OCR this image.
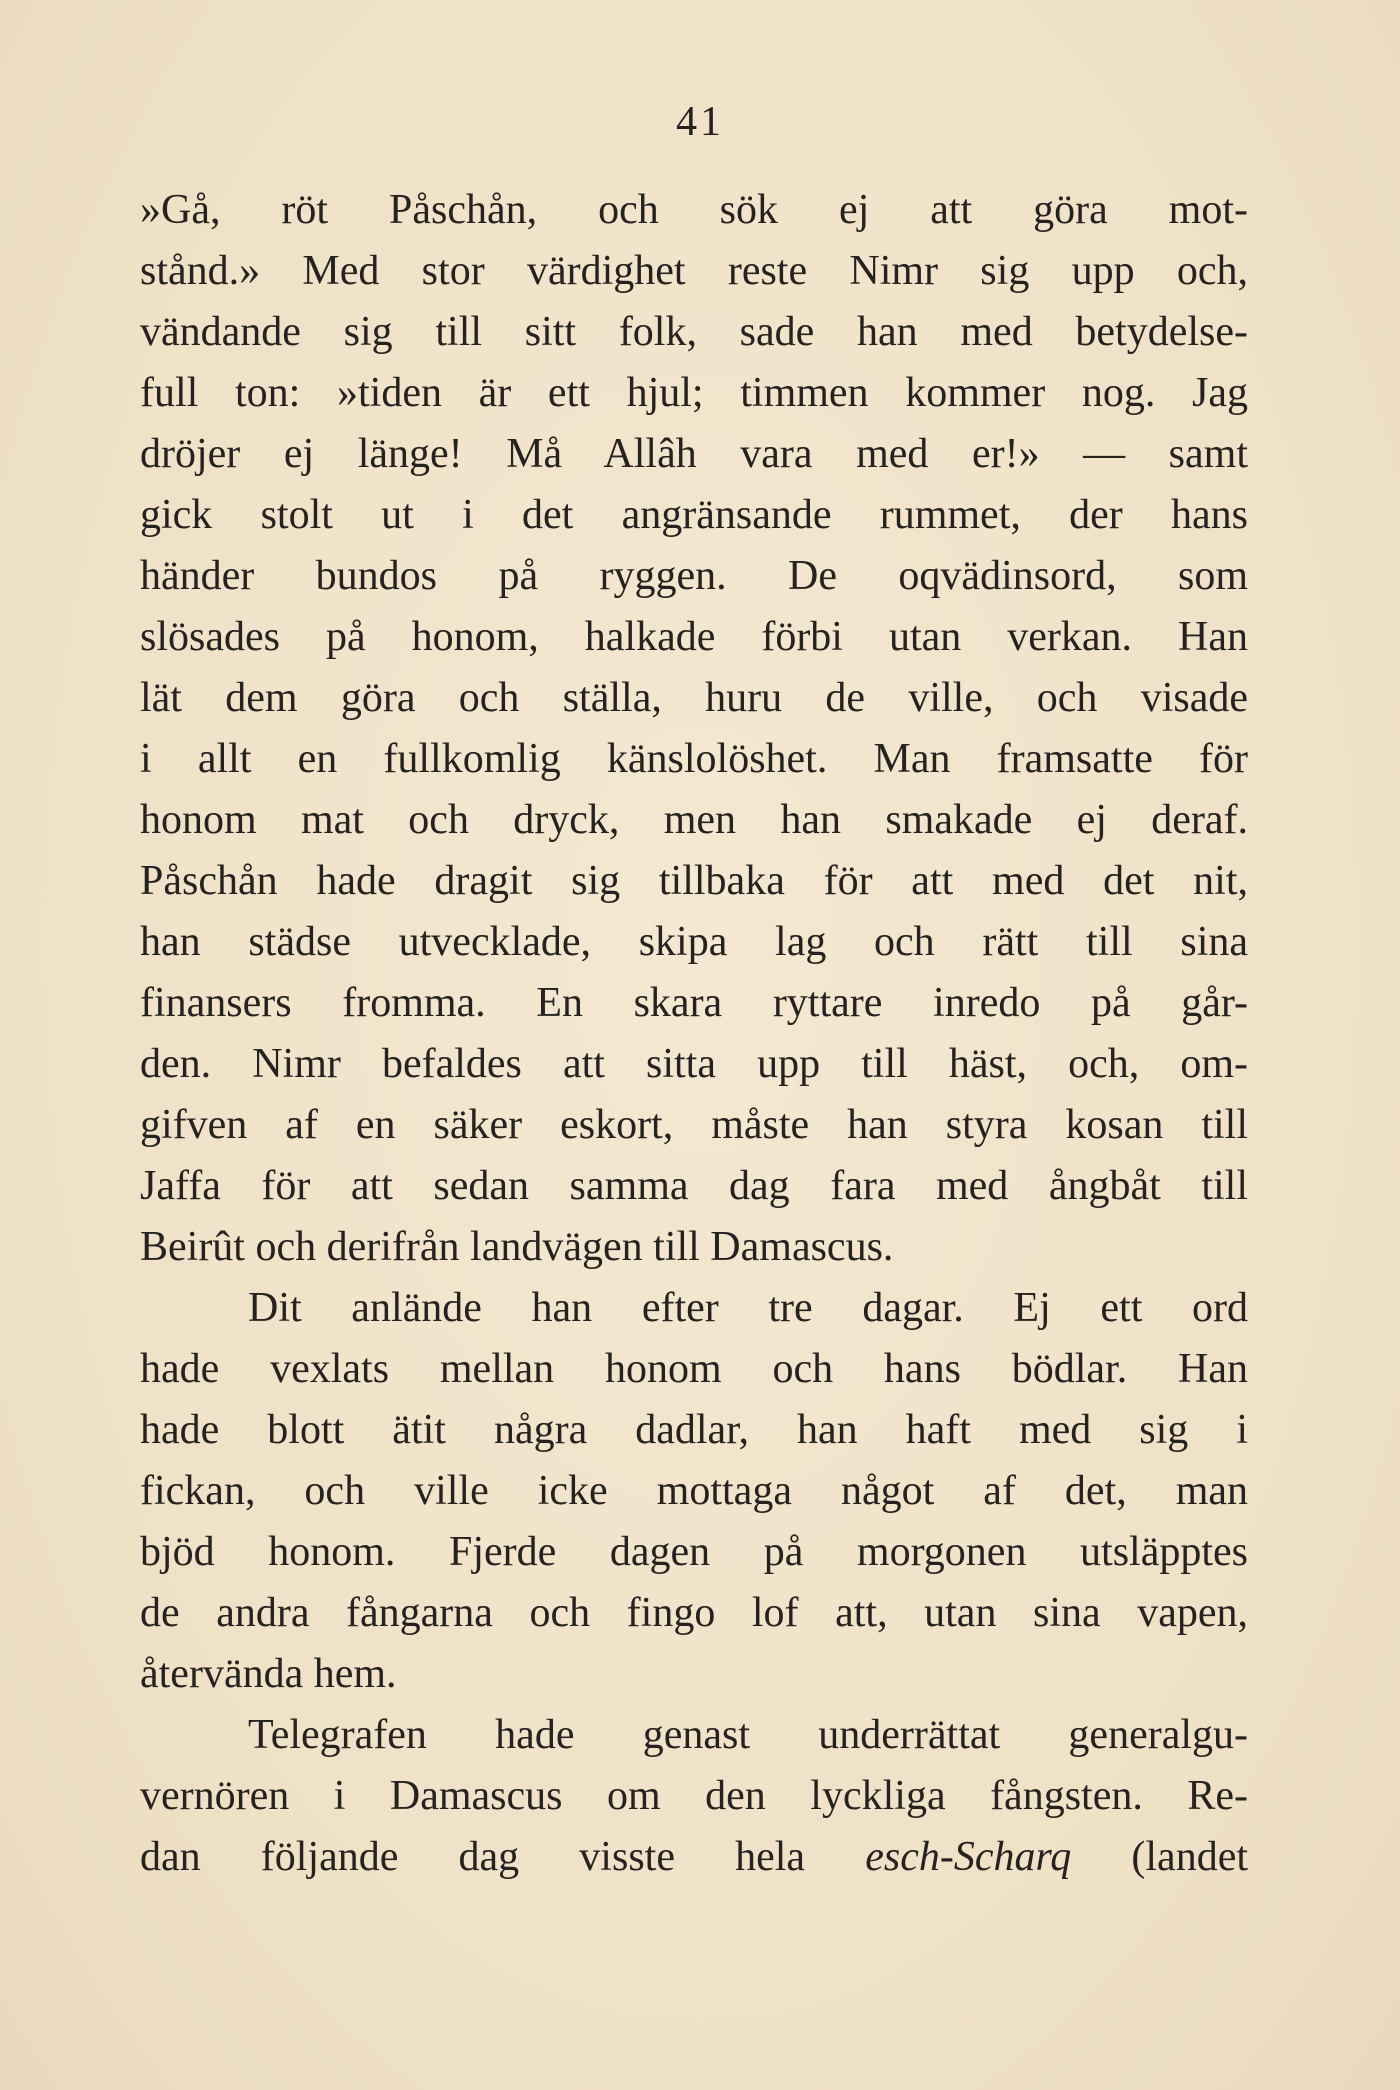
41
»Gå, röt Påschån, och sök ej att göra mot-
stånd.» Med stor värdighet reste Nimr sig upp och,
vändande sig till sitt folk, sade han med betydelse-
full ton: »tiden är ett hjul; timmen kommer nog. Jag
dröjer ej länge! Må Allâh vara med er!» — samt
gick stolt ut i det angränsande rummet, der hans
händer bundos på ryggen. De oqvädinsord, som
slösades på honom, halkade förbi utan verkan. Han
lät dem göra och ställa, huru de ville, och visade
i allt en fullkomlig känslolöshet. Man framsatte för
honom mat och dryck, men han smakade ej deraf.
Påschån hade dragit sig tillbaka för att med det nit,
han städse utvecklade, skipa lag och rätt till sina
finansers fromma. En skara ryttare inredo på går-
den. Nimr befaldes att sitta upp till häst, och, om-
gifven af en säker eskort, måste han styra kosan till
Jaffa för att sedan samma dag fara med ångbåt till
Beirût och derifrån landvägen till Damascus.
Dit anlände han efter tre dagar. Ej ett ord
hade vexlats mellan honom och hans bödlar. Han
hade blott ätit några dadlar, han haft med sig i
fickan, och ville icke mottaga något af det, man
bjöd honom. Fjerde dagen på morgonen utsläpptes
de andra fångarna och fingo lof att, utan sina vapen,
återvända hem.
Telegrafen hade genast underrättat generalgu-
vernören i Damascus om den lyckliga fångsten. Re-
dan följande dag visste hela esch-Scharq (landet
